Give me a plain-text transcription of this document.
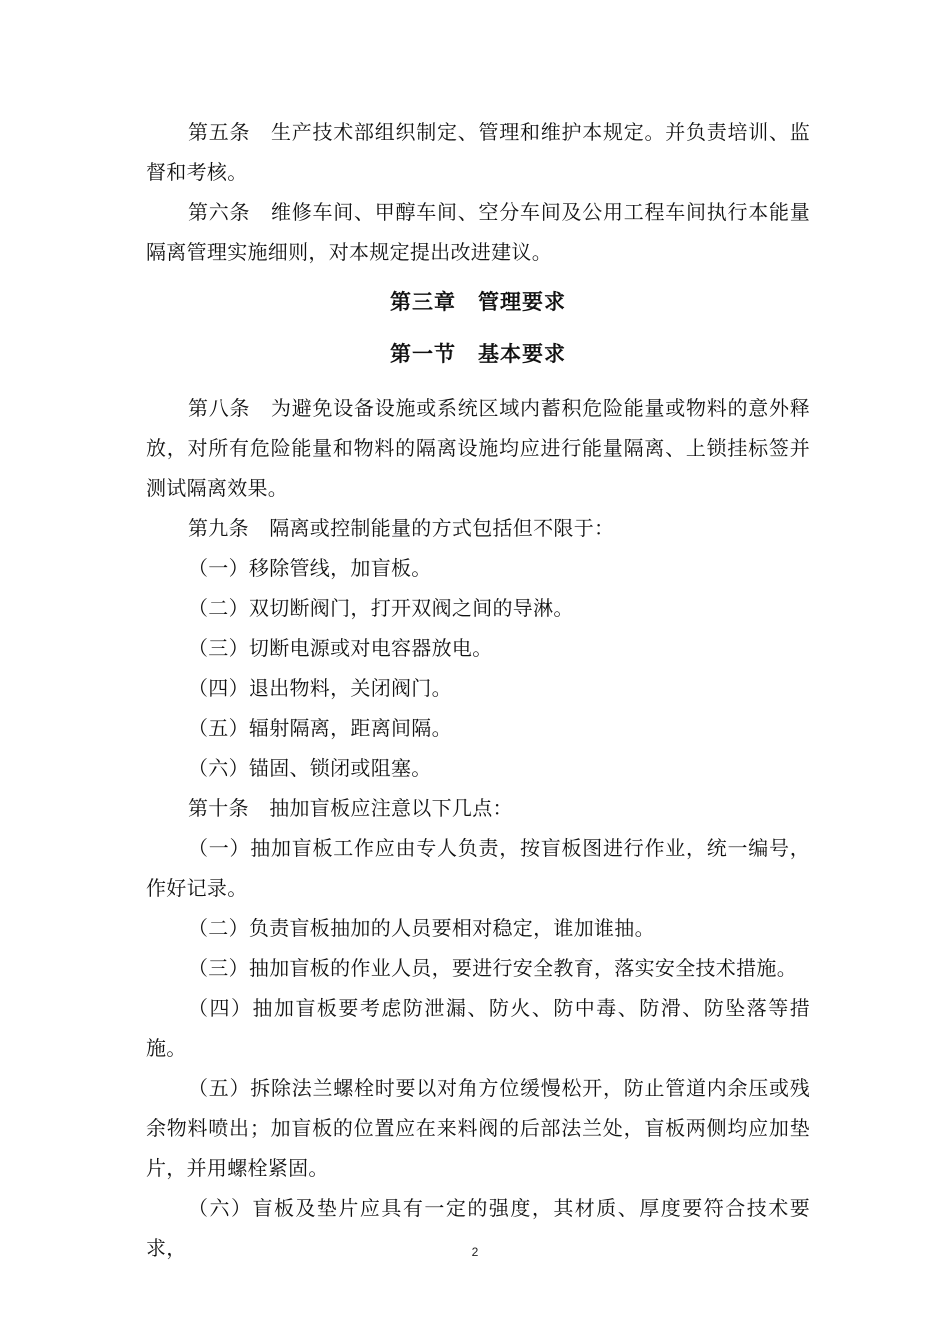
第五条　生产技术部组织制定、管理和维护本规定。并负责培训、监督和考核。

第六条　维修车间、甲醇车间、空分车间及公用工程车间执行本能量隔离管理实施细则，对本规定提出改进建议。

第三章　管理要求
第一节　基本要求

第八条　为避免设备设施或系统区域内蓄积危险能量或物料的意外释放，对所有危险能量和物料的隔离设施均应进行能量隔离、上锁挂标签并测试隔离效果。

第九条　隔离或控制能量的方式包括但不限于：

（一）移除管线，加盲板。

（二）双切断阀门，打开双阀之间的导淋。

（三）切断电源或对电容器放电。

（四）退出物料，关闭阀门。

（五）辐射隔离，距离间隔。

（六）锚固、锁闭或阻塞。

第十条　抽加盲板应注意以下几点：

（一）抽加盲板工作应由专人负责，按盲板图进行作业，统一编号，作好记录。

（二）负责盲板抽加的人员要相对稳定，谁加谁抽。

（三）抽加盲板的作业人员，要进行安全教育，落实安全技术措施。

（四）抽加盲板要考虑防泄漏、防火、防中毒、防滑、防坠落等措施。

（五）拆除法兰螺栓时要以对角方位缓慢松开，防止管道内余压或残余物料喷出；加盲板的位置应在来料阀的后部法兰处，盲板两侧均应加垫片，并用螺栓紧固。

（六）盲板及垫片应具有一定的强度，其材质、厚度要符合技术要求，	2
